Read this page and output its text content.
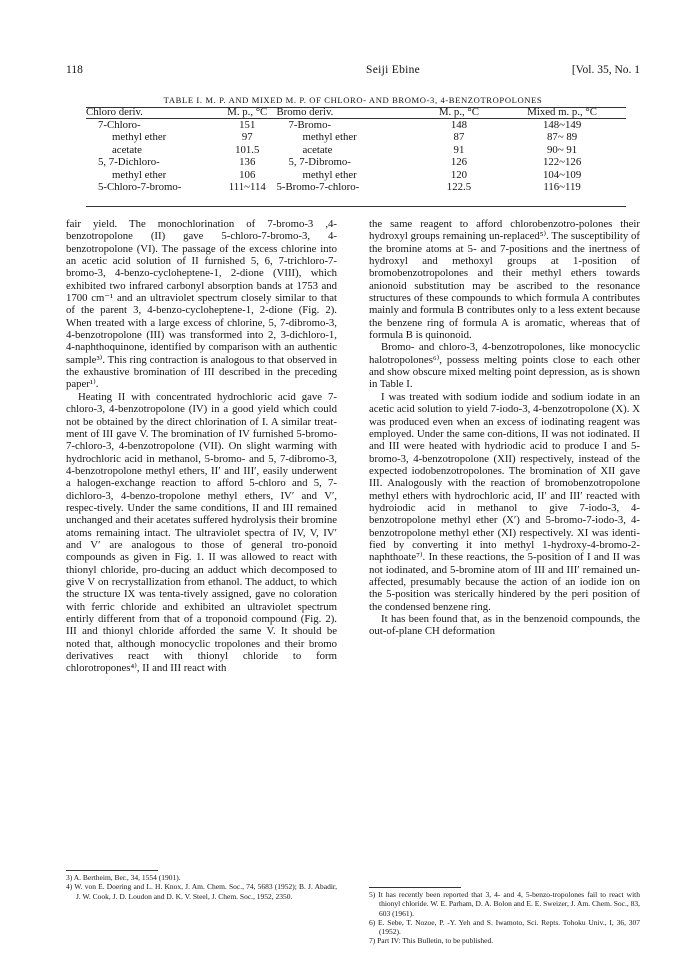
118	Seiji Ebine	[Vol. 35, No. 1
TABLE I. M. P. AND MIXED M. P. OF CHLORO- AND BROMO-3, 4-BENZOTROPOLONES
Chloro deriv.	M. p., °C	Bromo deriv.	M. p., °C	Mixed m. p., °C
7-Chloro-	151	7-Bromo-	148	148~149
methyl ether	97	methyl ether	87	87~ 89
acetate	101.5	acetate	91	90~ 91
5, 7-Dichloro-	136	5, 7-Dibromo-	126	122~126
methyl ether	106	methyl ether	120	104~109
5-Chloro-7-bromo-	111~114	5-Bromo-7-chloro-	122.5	116~119

fair yield. The monochlorination of 7-bromo-3 ,4-benzotropolone (II) gave 5-chloro-7-bromo-3, 4-benzotropolone (VI). The passage of the excess chlorine into an acetic acid solution of II furnished 5, 6, 7-trichloro-7-bromo-3, 4-benzo-cycloheptene-1, 2-dione (VIII), which exhibited two infrared carbonyl absorption bands at 1753 and 1700 cm⁻¹ and an ultraviolet spectrum closely similar to that of the parent 3, 4-benzo-cycloheptene-1, 2-dione (Fig. 2). When treated with a large excess of chlorine, 5, 7-dibromo-3, 4-benzotropolone (III) was transformed into 2, 3-dichloro-1, 4-naphthoquinone, identified by comparison with an authentic sample³⁾. This ring contraction is analogous to that observed in the exhaustive bromination of III described in the preceding paper¹⁾.

Heating II with concentrated hydrochloric acid gave 7-chloro-3, 4-benzotropolone (IV) in a good yield which could not be obtained by the direct chlorination of I. A similar treat-ment of III gave V. The bromination of IV furnished 5-bromo-7-chloro-3, 4-benzotropolone (VII). On slight warming with hydrochloric acid in methanol, 5-bromo- and 5, 7-dibromo-3, 4-benzotropolone methyl ethers, II′ and III′, easily underwent a halogen-exchange reaction to afford 5-chloro and 5, 7-dichloro-3, 4-benzo-tropolone methyl ethers, IV′ and V′, respec-tively. Under the same conditions, II and III remained unchanged and their acetates suffered hydrolysis their bromine atoms remaining intact. The ultraviolet spectra of IV, V, IV′ and V′ are analogous to those of general tro-ponoid compounds as given in Fig. 1. II was allowed to react with thionyl chloride, pro-ducing an adduct which decomposed to give V on recrystallization from ethanol. The adduct, to which the structure IX was tenta-tively assigned, gave no coloration with ferric chloride and exhibited an ultraviolet spectrum entirly different from that of a troponoid compound (Fig. 2). III and thionyl chloride afforded the same V. It should be noted that, although monocyclic tropolones and their bromo derivatives react with thionyl chloride to form chlorotropones⁴⁾, II and III react with

the same reagent to afford chlorobenzotro-polones their hydroxyl groups remaining un-replaced⁵⁾. The susceptibility of the bromine atoms at 5- and 7-positions and the inertness of hydroxyl and methoxyl groups at 1-position of bromobenzotropolones and their methyl ethers towards anionoid substitution may be ascribed to the resonance structures of these compounds to which formula A contributes mainly and formula B contributes only to a less extent because the benzene ring of formula A is aromatic, whereas that of formula B is quinonoid.

Bromo- and chloro-3, 4-benzotropolones, like monocyclic halotropolones⁶⁾, possess melting points close to each other and show obscure mixed melting point depression, as is shown in Table I.

I was treated with sodium iodide and sodium iodate in an acetic acid solution to yield 7-iodo-3, 4-benzotropolone (X). X was produced even when an excess of iodinating reagent was employed. Under the same con-ditions, II was not iodinated. II and III were heated with hydriodic acid to produce I and 5-bromo-3, 4-benzotropolone (XII) respectively, instead of the expected iodobenzotropolones. The bromination of XII gave III. Analogously with the reaction of bromobenzotropolone methyl ethers with hydrochloric acid, II′ and III′ reacted with hydroiodic acid in methanol to give 7-iodo-3, 4-benzotropolone methyl ether (X′) and 5-bromo-7-iodo-3, 4-benzotropolone methyl ether (XI) respectively. XI was identi-fied by converting it into methyl 1-hydroxy-4-bromo-2-naphthoate⁷⁾. In these reactions, the 5-position of I and II was not iodinated, and 5-bromine atom of III and III′ remained un-affected, presumably because the action of an iodide ion on the 5-position was sterically hindered by the peri position of the condensed benzene ring.

It has been found that, as in the benzenoid compounds, the out-of-plane CH deformation

3) A. Bertheim, Ber., 34, 1554 (1901).

4) W. von E. Doering and L. H. Knox, J. Am. Chem. Soc., 74, 5683 (1952); B. J. Abadir, J. W. Cook, J. D. Loudon and D. K. V. Steel, J. Chem. Soc., 1952, 2350.	5) It has recently been reported that 3, 4- and 4, 5-benzo-tropolones fail to react with thionyl chloride. W. E. Parham, D. A. Bolon and E. E. Sweizer, J. Am. Chem. Soc., 83, 603 (1961).

6) E. Sebe, T. Nozoe, P. -Y. Yeh and S. Iwamoto, Sci. Repts. Tohoku Univ., I, 36, 307 (1952).

7) Part IV: This Bulletin, to be published.
